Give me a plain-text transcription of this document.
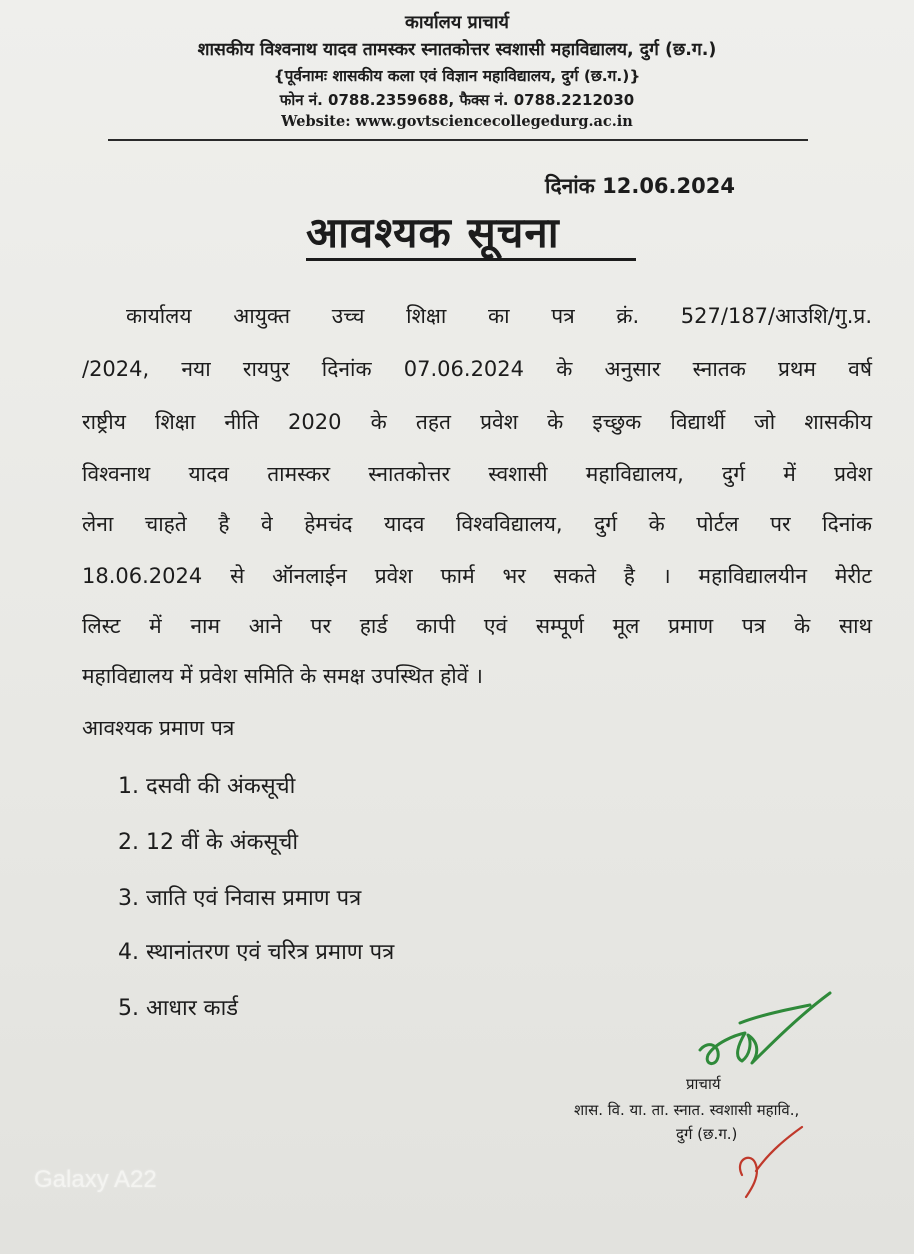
कार्यालय प्राचार्य
शासकीय विश्वनाथ यादव तामस्कर स्नातकोत्तर स्वशासी महाविद्यालय, दुर्ग (छ.ग.)
{पूर्वनामः शासकीय कला एवं विज्ञान महाविद्यालय, दुर्ग (छ.ग.)}
फोन नं. 0788.2359688, फैक्स नं. 0788.2212030
Website: www.govtsciencecollegedurg.ac.in
दिनांक 12.06.2024
आवश्यक सूचना
कार्यालय आयुक्त उच्च शिक्षा का पत्र क्रं. 527/187/आउशि/गु.प्र.
/2024, नया रायपुर दिनांक 07.06.2024 के अनुसार स्नातक प्रथम वर्ष
राष्ट्रीय शिक्षा नीति 2020 के तहत प्रवेश के इच्छुक विद्यार्थी जो शासकीय
विश्वनाथ यादव तामस्कर स्नातकोत्तर स्वशासी महाविद्यालय, दुर्ग में प्रवेश
लेना चाहते है वे हेमचंद यादव विश्वविद्यालय, दुर्ग के पोर्टल पर दिनांक
18.06.2024 से ऑनलाईन प्रवेश फार्म भर सकते है । महाविद्यालयीन मेरीट
लिस्ट में नाम आने पर हार्ड कापी एवं सम्पूर्ण मूल प्रमाण पत्र के साथ
महाविद्यालय में प्रवेश समिति के समक्ष उपस्थित होवें ।
आवश्यक प्रमाण पत्र
1. दसवी की अंकसूची
2. 12 वीं के अंकसूची
3. जाति एवं निवास प्रमाण पत्र
4. स्थानांतरण एवं चरित्र प्रमाण पत्र
5. आधार कार्ड
प्राचार्य
शास. वि. या. ता. स्नात. स्वशासी महावि.,
दुर्ग (छ.ग.)
Galaxy A22
